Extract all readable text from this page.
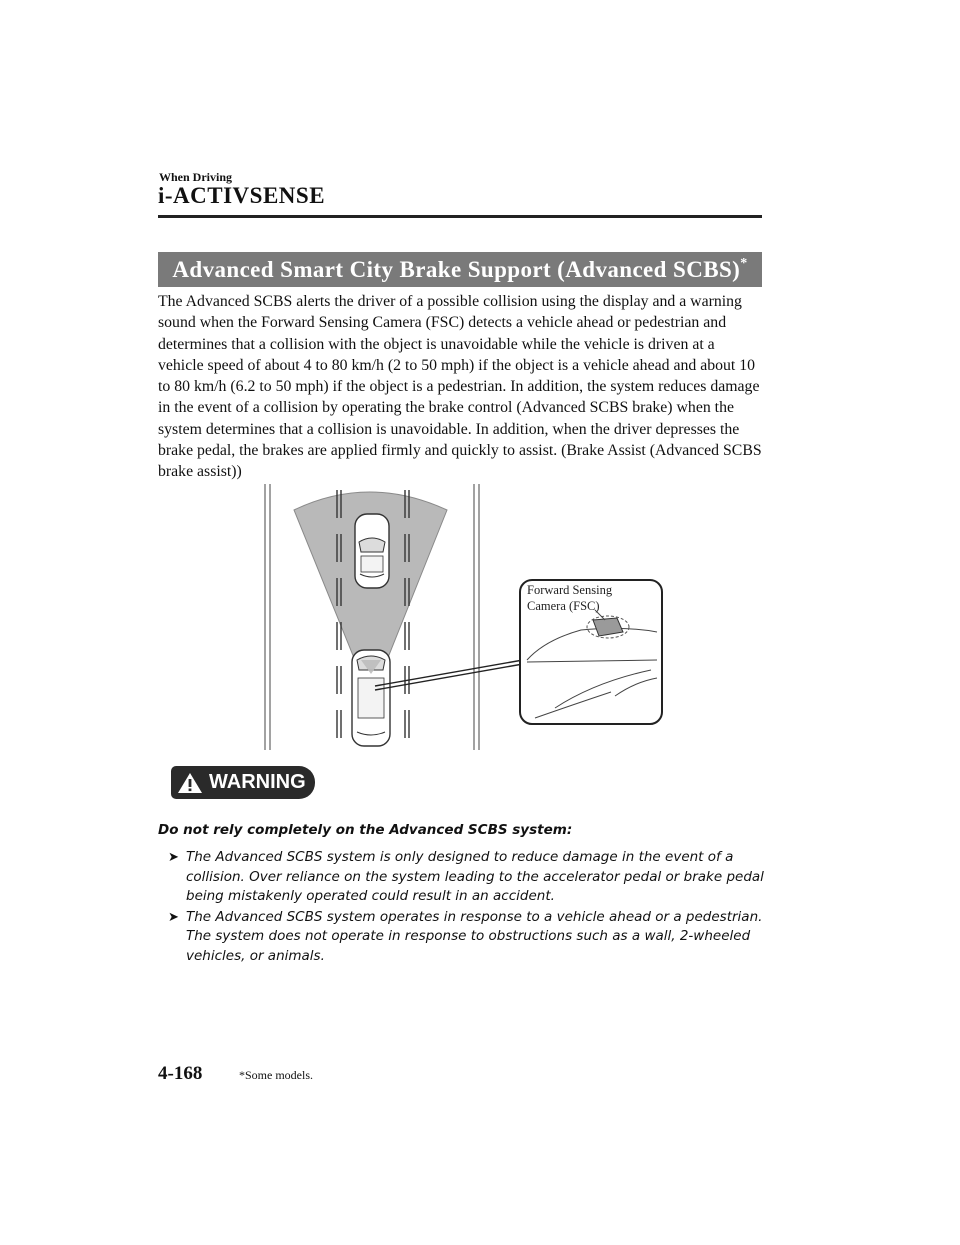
When Driving
i-ACTIVSENSE
Advanced Smart City Brake Support (Advanced SCBS)*

The Advanced SCBS alerts the driver of a possible collision using the display and a warning sound when the Forward Sensing Camera (FSC) detects a vehicle ahead or pedestrian and determines that a collision with the object is unavoidable while the vehicle is driven at a vehicle speed of about 4 to 80 km/h (2 to 50 mph) if the object is a vehicle ahead and about 10 to 80 km/h (6.2 to 50 mph) if the object is a pedestrian. In addition, the system reduces damage in the event of a collision by operating the brake control (Advanced SCBS brake) when the system determines that a collision is unavoidable. In addition, when the driver depresses the brake pedal, the brakes are applied firmly and quickly to assist. (Brake Assist (Advanced SCBS brake assist))

Forward Sensing
Camera (FSC)
WARNING
Do not rely completely on the Advanced SCBS system:
➤ The Advanced SCBS system is only designed to reduce damage in the event of a collision. Over reliance on the system leading to the accelerator pedal or brake pedal being mistakenly operated could result in an accident.
➤ The Advanced SCBS system operates in response to a vehicle ahead or a pedestrian. The system does not operate in response to obstructions such as a wall, 2-wheeled vehicles, or animals.
4-168	*Some models.
